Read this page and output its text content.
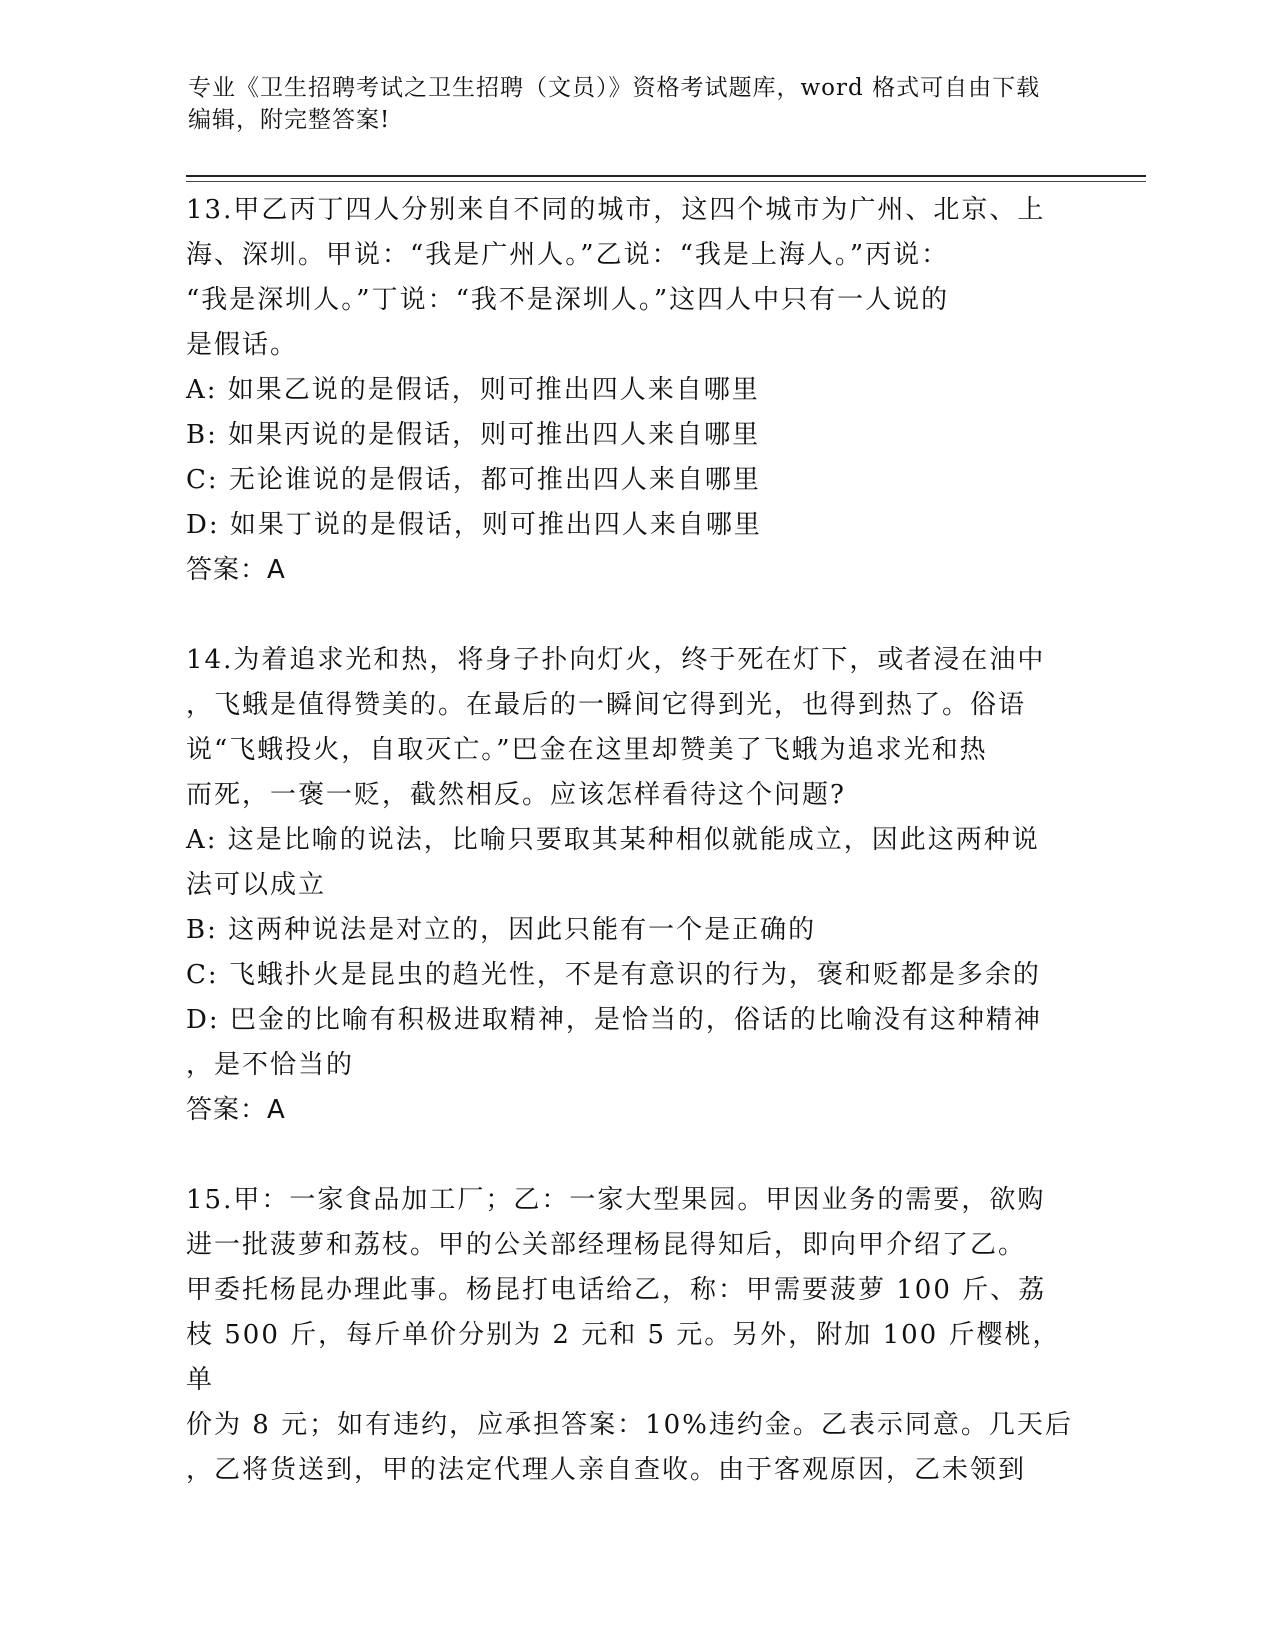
专业《卫生招聘考试之卫生招聘（文员）》资格考试题库，word 格式可自由下载
编辑，附完整答案!

13.甲乙丙丁四人分别来自不同的城市，这四个城市为广州、北京、上

海、深圳。甲说：“我是广州人。”乙说：“我是上海人。”丙说：

“我是深圳人。”丁说：“我不是深圳人。”这四人中只有一人说的

是假话。

A: 如果乙说的是假话，则可推出四人来自哪里

B: 如果丙说的是假话，则可推出四人来自哪里

C: 无论谁说的是假话，都可推出四人来自哪里

D: 如果丁说的是假话，则可推出四人来自哪里

答案：A

14.为着追求光和热，将身子扑向灯火，终于死在灯下，或者浸在油中

，飞蛾是值得赞美的。在最后的一瞬间它得到光，也得到热了。俗语

说“飞蛾投火，自取灭亡。”巴金在这里却赞美了飞蛾为追求光和热

而死，一褒一贬，截然相反。应该怎样看待这个问题?

A: 这是比喻的说法，比喻只要取其某种相似就能成立，因此这两种说

法可以成立

B: 这两种说法是对立的，因此只能有一个是正确的

C: 飞蛾扑火是昆虫的趋光性，不是有意识的行为，褒和贬都是多余的

D: 巴金的比喻有积极进取精神，是恰当的，俗话的比喻没有这种精神

，是不恰当的

答案：A

15.甲：一家食品加工厂；乙：一家大型果园。甲因业务的需要，欲购

进一批菠萝和荔枝。甲的公关部经理杨昆得知后，即向甲介绍了乙。

甲委托杨昆办理此事。杨昆打电话给乙，称：甲需要菠萝 100 斤、荔

枝 500 斤，每斤单价分别为 2 元和 5 元。另外，附加 100 斤樱桃，单

价为 8 元；如有违约，应承担答案：10%违约金。乙表示同意。几天后

，乙将货送到，甲的法定代理人亲自查收。由于客观原因，乙未领到
